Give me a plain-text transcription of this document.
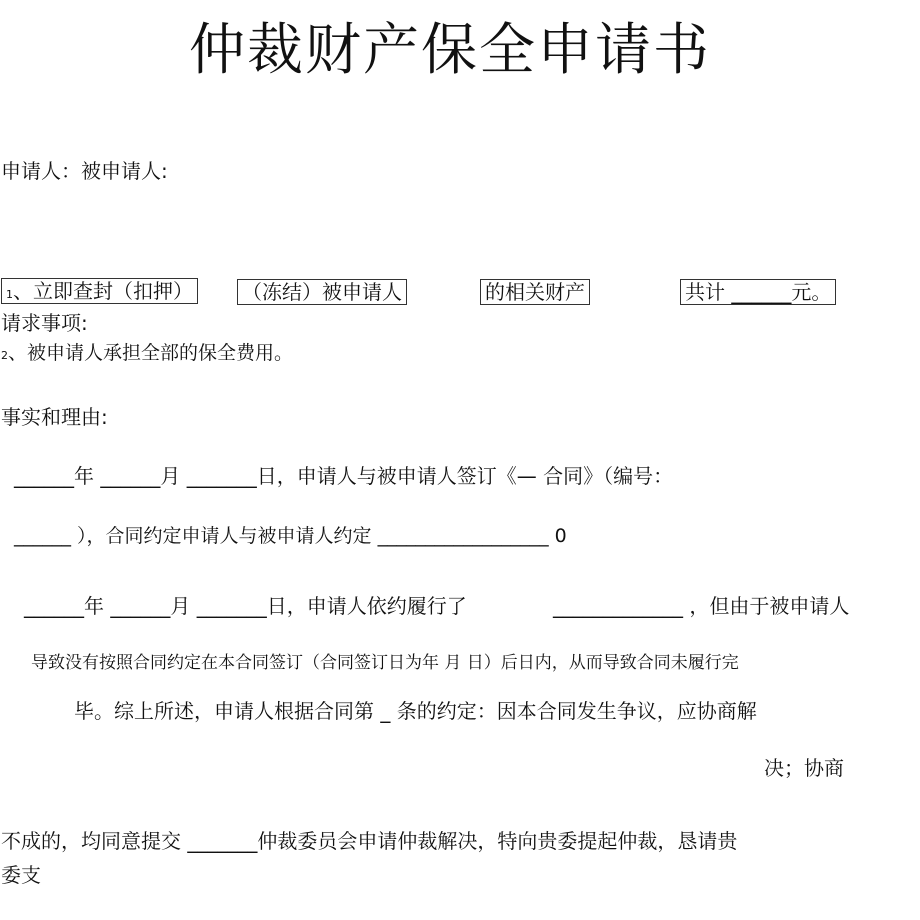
仲裁财产保全申请书
申请人：被申请人:
1、立即查封（扣押） （冻结）被申请人	的相关财产	共计 ______元。
请求事项:
2、被申请人承担全部的保全费用。
事实和理由:
______年 ______月 _______日，申请人与被申请人签订《— 合同》（编号：
______ ），合同约定申请人与被申请人约定 __________________ 0
______年 ______月 _______日，申请人依约履行了	_____________ ，但由于被申请人
导致没有按照合同约定在本合同签订（合同签订日为年 月 日）后日内，从而导致合同未履行完
毕。综上所述，申请人根据合同第 _ 条的约定：因本合同发生争议，应协商解
决；协商
不成的，均同意提交 _______仲裁委员会申请仲裁解决，特向贵委提起仲裁，恳请贵
委支
